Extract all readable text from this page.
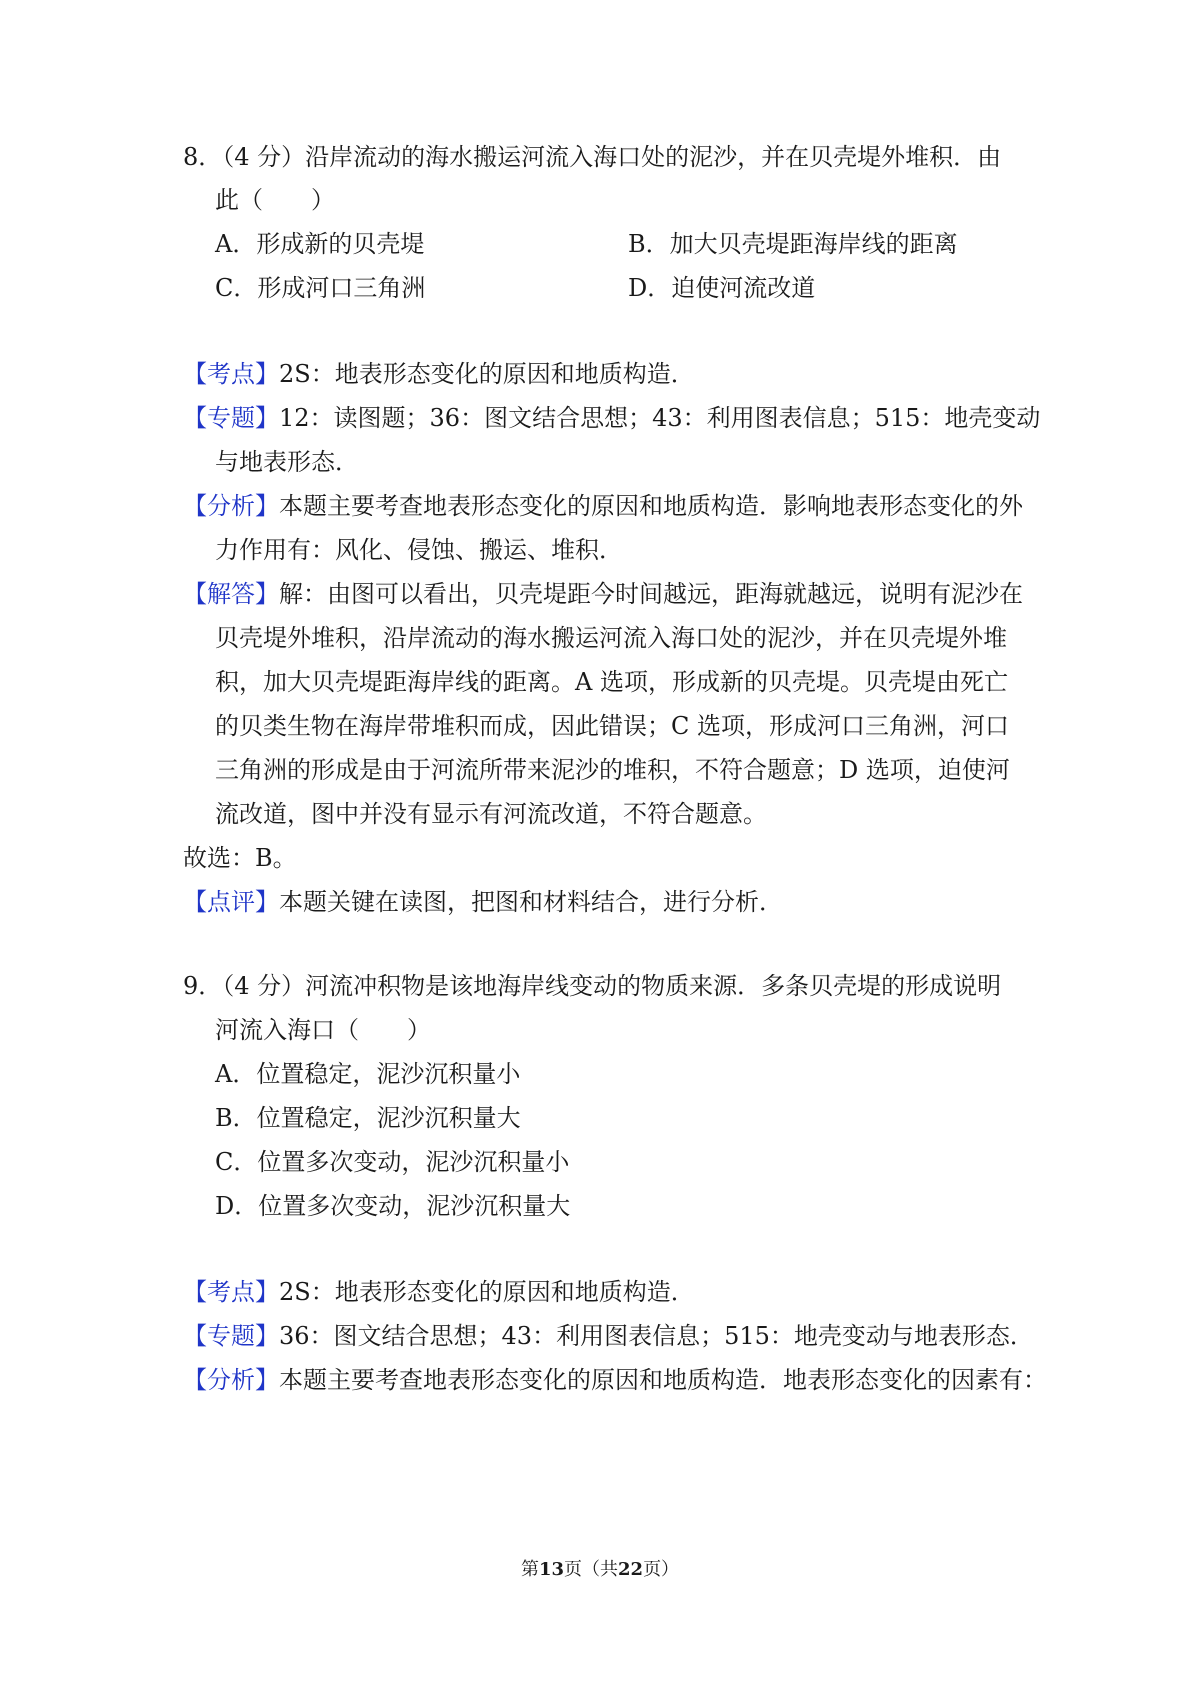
8．（4 分）沿岸流动的海水搬运河流入海口处的泥沙，并在贝壳堤外堆积．由
此（　　）
A．形成新的贝壳堤	B．加大贝壳堤距海岸线的距离
C．形成河口三角洲	D．迫使河流改道
【考点】2S：地表形态变化的原因和地质构造．
【专题】12：读图题；36：图文结合思想；43：利用图表信息；515：地壳变动
与地表形态．
【分析】本题主要考查地表形态变化的原因和地质构造．影响地表形态变化的外
力作用有：风化、侵蚀、搬运、堆积．
【解答】解：由图可以看出，贝壳堤距今时间越远，距海就越远，说明有泥沙在
贝壳堤外堆积，沿岸流动的海水搬运河流入海口处的泥沙，并在贝壳堤外堆
积，加大贝壳堤距海岸线的距离。A 选项，形成新的贝壳堤。贝壳堤由死亡
的贝类生物在海岸带堆积而成，因此错误；C 选项，形成河口三角洲，河口
三角洲的形成是由于河流所带来泥沙的堆积，不符合题意；D 选项，迫使河
流改道，图中并没有显示有河流改道，不符合题意。
故选：B。
【点评】本题关键在读图，把图和材料结合，进行分析．
9．（4 分）河流冲积物是该地海岸线变动的物质来源．多条贝壳堤的形成说明
河流入海口（　　）
A．位置稳定，泥沙沉积量小
B．位置稳定，泥沙沉积量大
C．位置多次变动，泥沙沉积量小
D．位置多次变动，泥沙沉积量大
【考点】2S：地表形态变化的原因和地质构造．
【专题】36：图文结合思想；43：利用图表信息；515：地壳变动与地表形态．
【分析】本题主要考查地表形态变化的原因和地质构造．地表形态变化的因素有：
第13页（共22页）
